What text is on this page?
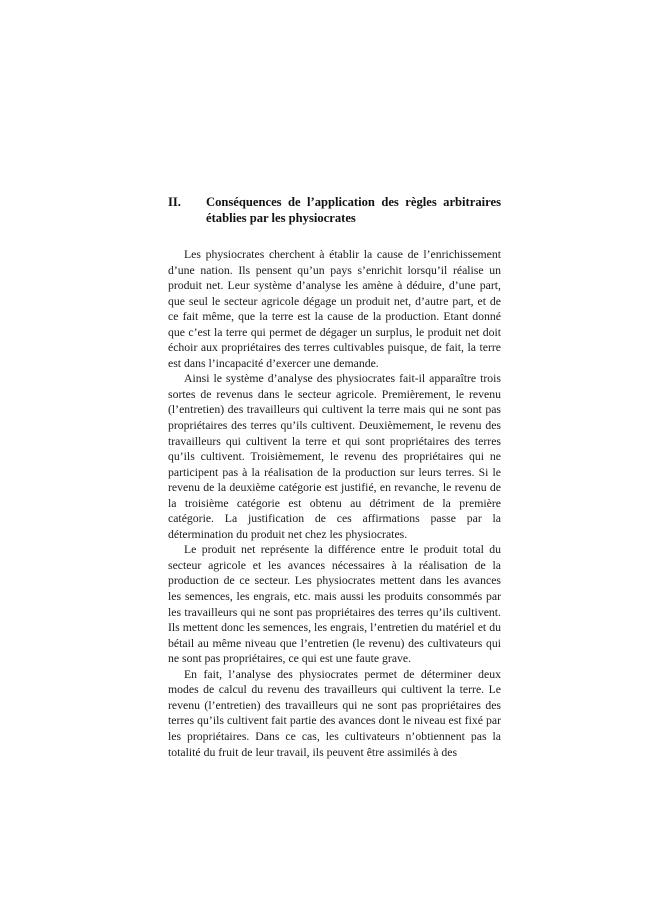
II. Conséquences de l’application des règles arbitraires établies par les physiocrates

Les physiocrates cherchent à établir la cause de l’enrichissement d’une nation. Ils pensent qu’un pays s’enrichit lorsqu’il réalise un produit net. Leur système d’analyse les amène à déduire, d’une part, que seul le secteur agricole dégage un produit net, d’autre part, et de ce fait même, que la terre est la cause de la production. Etant donné que c’est la terre qui permet de dégager un surplus, le produit net doit échoir aux propriétaires des terres cultivables puisque, de fait, la terre est dans l’incapacité d’exercer une demande.

Ainsi le système d’analyse des physiocrates fait-il apparaître trois sortes de revenus dans le secteur agricole. Premièrement, le revenu (l’entretien) des travailleurs qui cultivent la terre mais qui ne sont pas propriétaires des terres qu’ils cultivent. Deuxièmement, le revenu des travailleurs qui cultivent la terre et qui sont propriétaires des terres qu’ils cultivent. Troisièmement, le revenu des propriétaires qui ne participent pas à la réalisation de la production sur leurs terres. Si le revenu de la deuxième catégorie est justifié, en revanche, le revenu de la troisième catégorie est obtenu au détriment de la première catégorie. La justification de ces affirmations passe par la détermination du produit net chez les physiocrates.

Le produit net représente la différence entre le produit total du secteur agricole et les avances nécessaires à la réalisation de la production de ce secteur. Les physiocrates mettent dans les avances les semences, les engrais, etc. mais aussi les produits consommés par les travailleurs qui ne sont pas propriétaires des terres qu’ils cultivent. Ils mettent donc les semences, les engrais, l’entretien du matériel et du bétail au même niveau que l’entretien (le revenu) des cultivateurs qui ne sont pas propriétaires, ce qui est une faute grave.

En fait, l’analyse des physiocrates permet de déterminer deux modes de calcul du revenu des travailleurs qui cultivent la terre. Le revenu (l’entretien) des travailleurs qui ne sont pas propriétaires des terres qu’ils cultivent fait partie des avances dont le niveau est fixé par les propriétaires. Dans ce cas, les cultivateurs n’obtiennent pas la totalité du fruit de leur travail, ils peuvent être assimilés à des
